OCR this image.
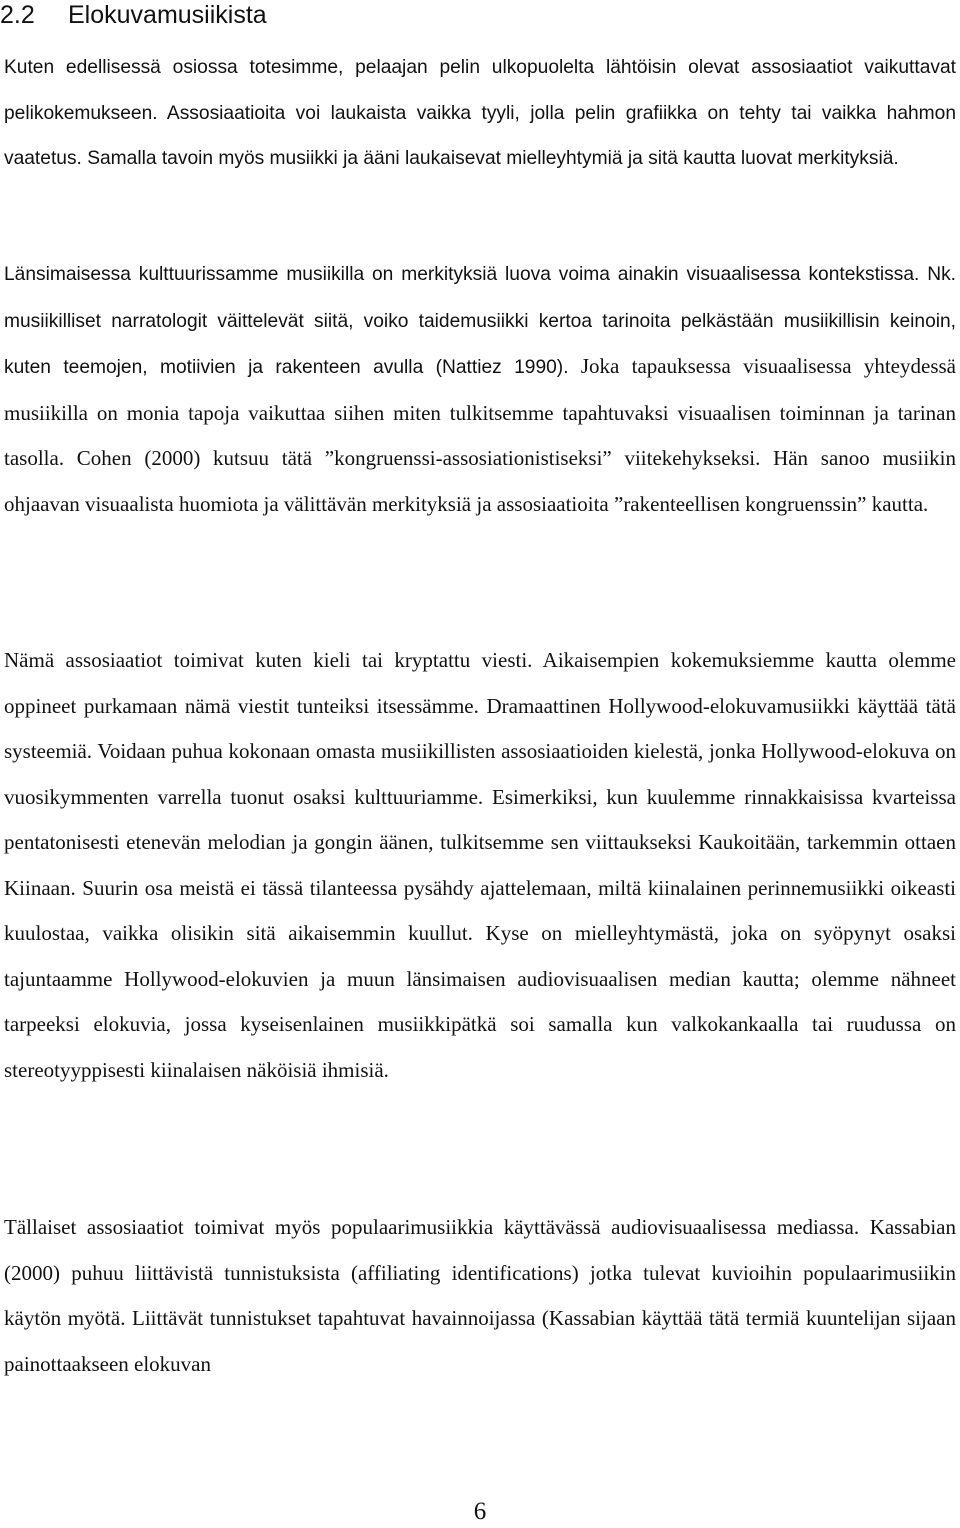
2.2 Elokuvamusiikista

Kuten edellisessä osiossa totesimme, pelaajan pelin ulkopuolelta lähtöisin olevat assosiaatiot vaikuttavat pelikokemukseen. Assosiaatioita voi laukaista vaikka tyyli, jolla pelin grafiikka on tehty tai vaikka hahmon vaatetus. Samalla tavoin myös musiikki ja ääni laukaisevat mielleyhtymiä ja sitä kautta luovat merkityksiä.

Länsimaisessa kulttuurissamme musiikilla on merkityksiä luova voima ainakin visuaalisessa kontekstissa. Nk. musiikilliset narratologit väittelevät siitä, voiko taidemusiikki kertoa tarinoita pelkästään musiikillisin keinoin, kuten teemojen, motiivien ja rakenteen avulla (Nattiez 1990). Joka tapauksessa visuaalisessa yhteydessä musiikilla on monia tapoja vaikuttaa siihen miten tulkitsemme tapahtuvaksi visuaalisen toiminnan ja tarinan tasolla. Cohen (2000) kutsuu tätä ”kongruenssi-assosiationistiseksi” viitekehykseksi. Hän sanoo musiikin ohjaavan visuaalista huomiota ja välittävän merkityksiä ja assosiaatioita ”rakenteellisen kongruenssin” kautta.

Nämä assosiaatiot toimivat kuten kieli tai kryptattu viesti. Aikaisempien kokemuksiemme kautta olemme oppineet purkamaan nämä viestit tunteiksi itsessämme. Dramaattinen Hollywood-elokuvamusiikki käyttää tätä systeemiä. Voidaan puhua kokonaan omasta musiikillisten assosiaatioiden kielestä, jonka Hollywood-elokuva on vuosikymmenten varrella tuonut osaksi kulttuuriamme. Esimerkiksi, kun kuulemme rinnakkaisissa kvarteissa pentatonisesti etenevän melodian ja gongin äänen, tulkitsemme sen viittaukseksi Kaukoitään, tarkemmin ottaen Kiinaan. Suurin osa meistä ei tässä tilanteessa pysähdy ajattelemaan, miltä kiinalainen perinnemusiikki oikeasti kuulostaa, vaikka olisikin sitä aikaisemmin kuullut. Kyse on mielleyhtymästä, joka on syöpynyt osaksi tajuntaamme Hollywood-elokuvien ja muun länsimaisen audiovisuaalisen median kautta; olemme nähneet tarpeeksi elokuvia, jossa kyseisenlainen musiikkipätkä soi samalla kun valkokankaalla tai ruudussa on stereotyyppisesti kiinalaisen näköisiä ihmisiä.

Tällaiset assosiaatiot toimivat myös populaarimusiikkia käyttävässä audiovisuaalisessa mediassa. Kassabian (2000) puhuu liittävistä tunnistuksista (affiliating identifications) jotka tulevat kuvioihin populaarimusiikin käytön myötä. Liittävät tunnistukset tapahtuvat havainnoijassa (Kassabian käyttää tätä termiä kuuntelijan sijaan painottaakseen elokuvan

6
